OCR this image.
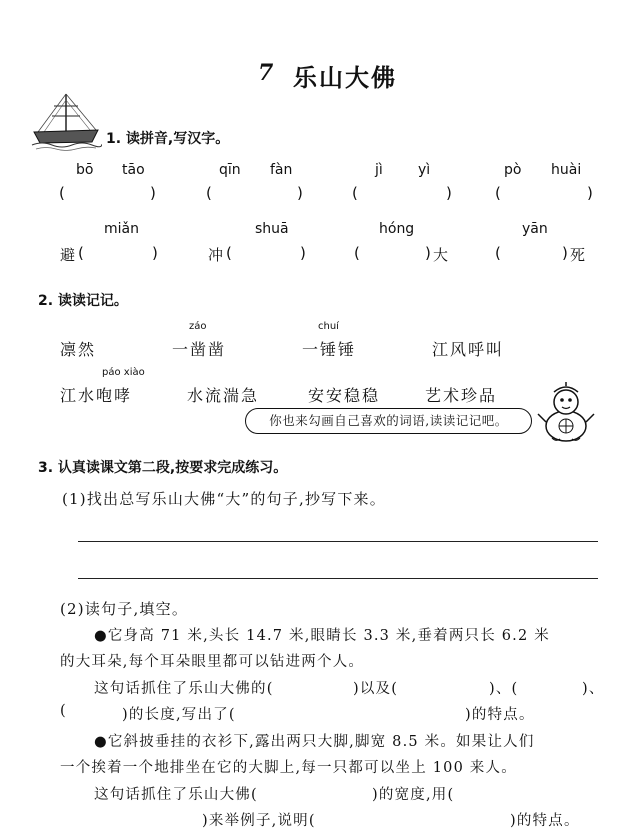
7 乐山大佛
1. 读拼音,写汉字。
bō tāo	qīn fàn	jì	yì	pò huài
(	)	(	)	(	)	(	)
miǎn	shuā	hóng	yān
避 (	)	冲 (	)	(	) 大	(	) 死
2. 读读记记。
záo	chuí
凛然	一凿凿	一锤锤	江风呼叫
páo xiào
江水咆哮	水流湍急	安安稳稳	艺术珍品
你也来勾画自己喜欢的词语,读读记记吧。
3. 认真读课文第二段,按要求完成练习。
(1)找出总写乐山大佛“大”的句子,抄写下来。
(2)读句子,填空。
●它身高 71 米,头长 14.7 米,眼睛长 3.3 米,垂着两只长 6.2 米
的大耳朵,每个耳朵眼里都可以钻进两个人。
这句话抓住了乐山大佛的(	)以及(	)、(	)、
(	)的长度,写出了(	)的特点。
●它斜披垂挂的衣衫下,露出两只大脚,脚宽 8.5 米。如果让人们
一个挨着一个地排坐在它的大脚上,每一只都可以坐上 100 来人。
这句话抓住了乐山大佛(	)的宽度,用(
)来举例子,说明(	)的特点。
